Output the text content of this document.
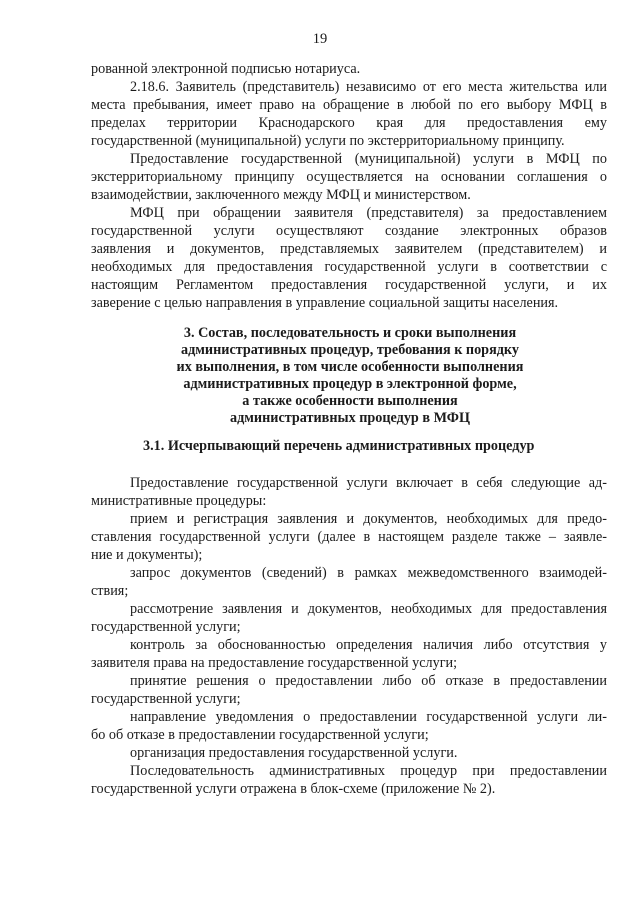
19
рованной электронной подписью нотариуса.
2.18.6. Заявитель (представитель) независимо от его места жительства или
места пребывания, имеет право на обращение в любой по его выбору МФЦ в
пределах территории Краснодарского края для предоставления ему
государственной (муниципальной) услуги по экстерриториальному принципу.
Предоставление государственной (муниципальной) услуги в МФЦ по
экстерриториальному принципу осуществляется на основании соглашения о
взаимодействии, заключенного между МФЦ и министерством.
МФЦ при обращении заявителя (представителя) за предоставлением
государственной услуги осуществляют создание электронных образов
заявления и документов, представляемых заявителем (представителем) и
необходимых для предоставления государственной услуги в соответствии с
настоящим Регламентом предоставления государственной услуги, и их
заверение с целью направления в управление социальной защиты населения.
3. Состав, последовательность и сроки выполнения
административных процедур, требования к порядку
их выполнения, в том числе особенности выполнения
административных процедур в электронной форме,
а также особенности выполнения
административных процедур в МФЦ
3.1. Исчерпывающий перечень административных процедур
Предоставление государственной услуги включает в себя следующие ад-
министративные процедуры:
прием и регистрация заявления и документов, необходимых для предо-
ставления государственной услуги (далее в настоящем разделе также – заявле-
ние и документы);
запрос документов (сведений) в рамках межведомственного взаимодей-
ствия;
рассмотрение заявления и документов, необходимых для предоставления
государственной услуги;
контроль за обоснованностью определения наличия либо отсутствия у
заявителя права на предоставление государственной услуги;
принятие решения о предоставлении либо об отказе в предоставлении
государственной услуги;
направление уведомления о предоставлении государственной услуги ли-
бо об отказе в предоставлении государственной услуги;
организация предоставления государственной услуги.
Последовательность административных процедур при предоставлении
государственной услуги отражена в блок-схеме (приложение № 2).
